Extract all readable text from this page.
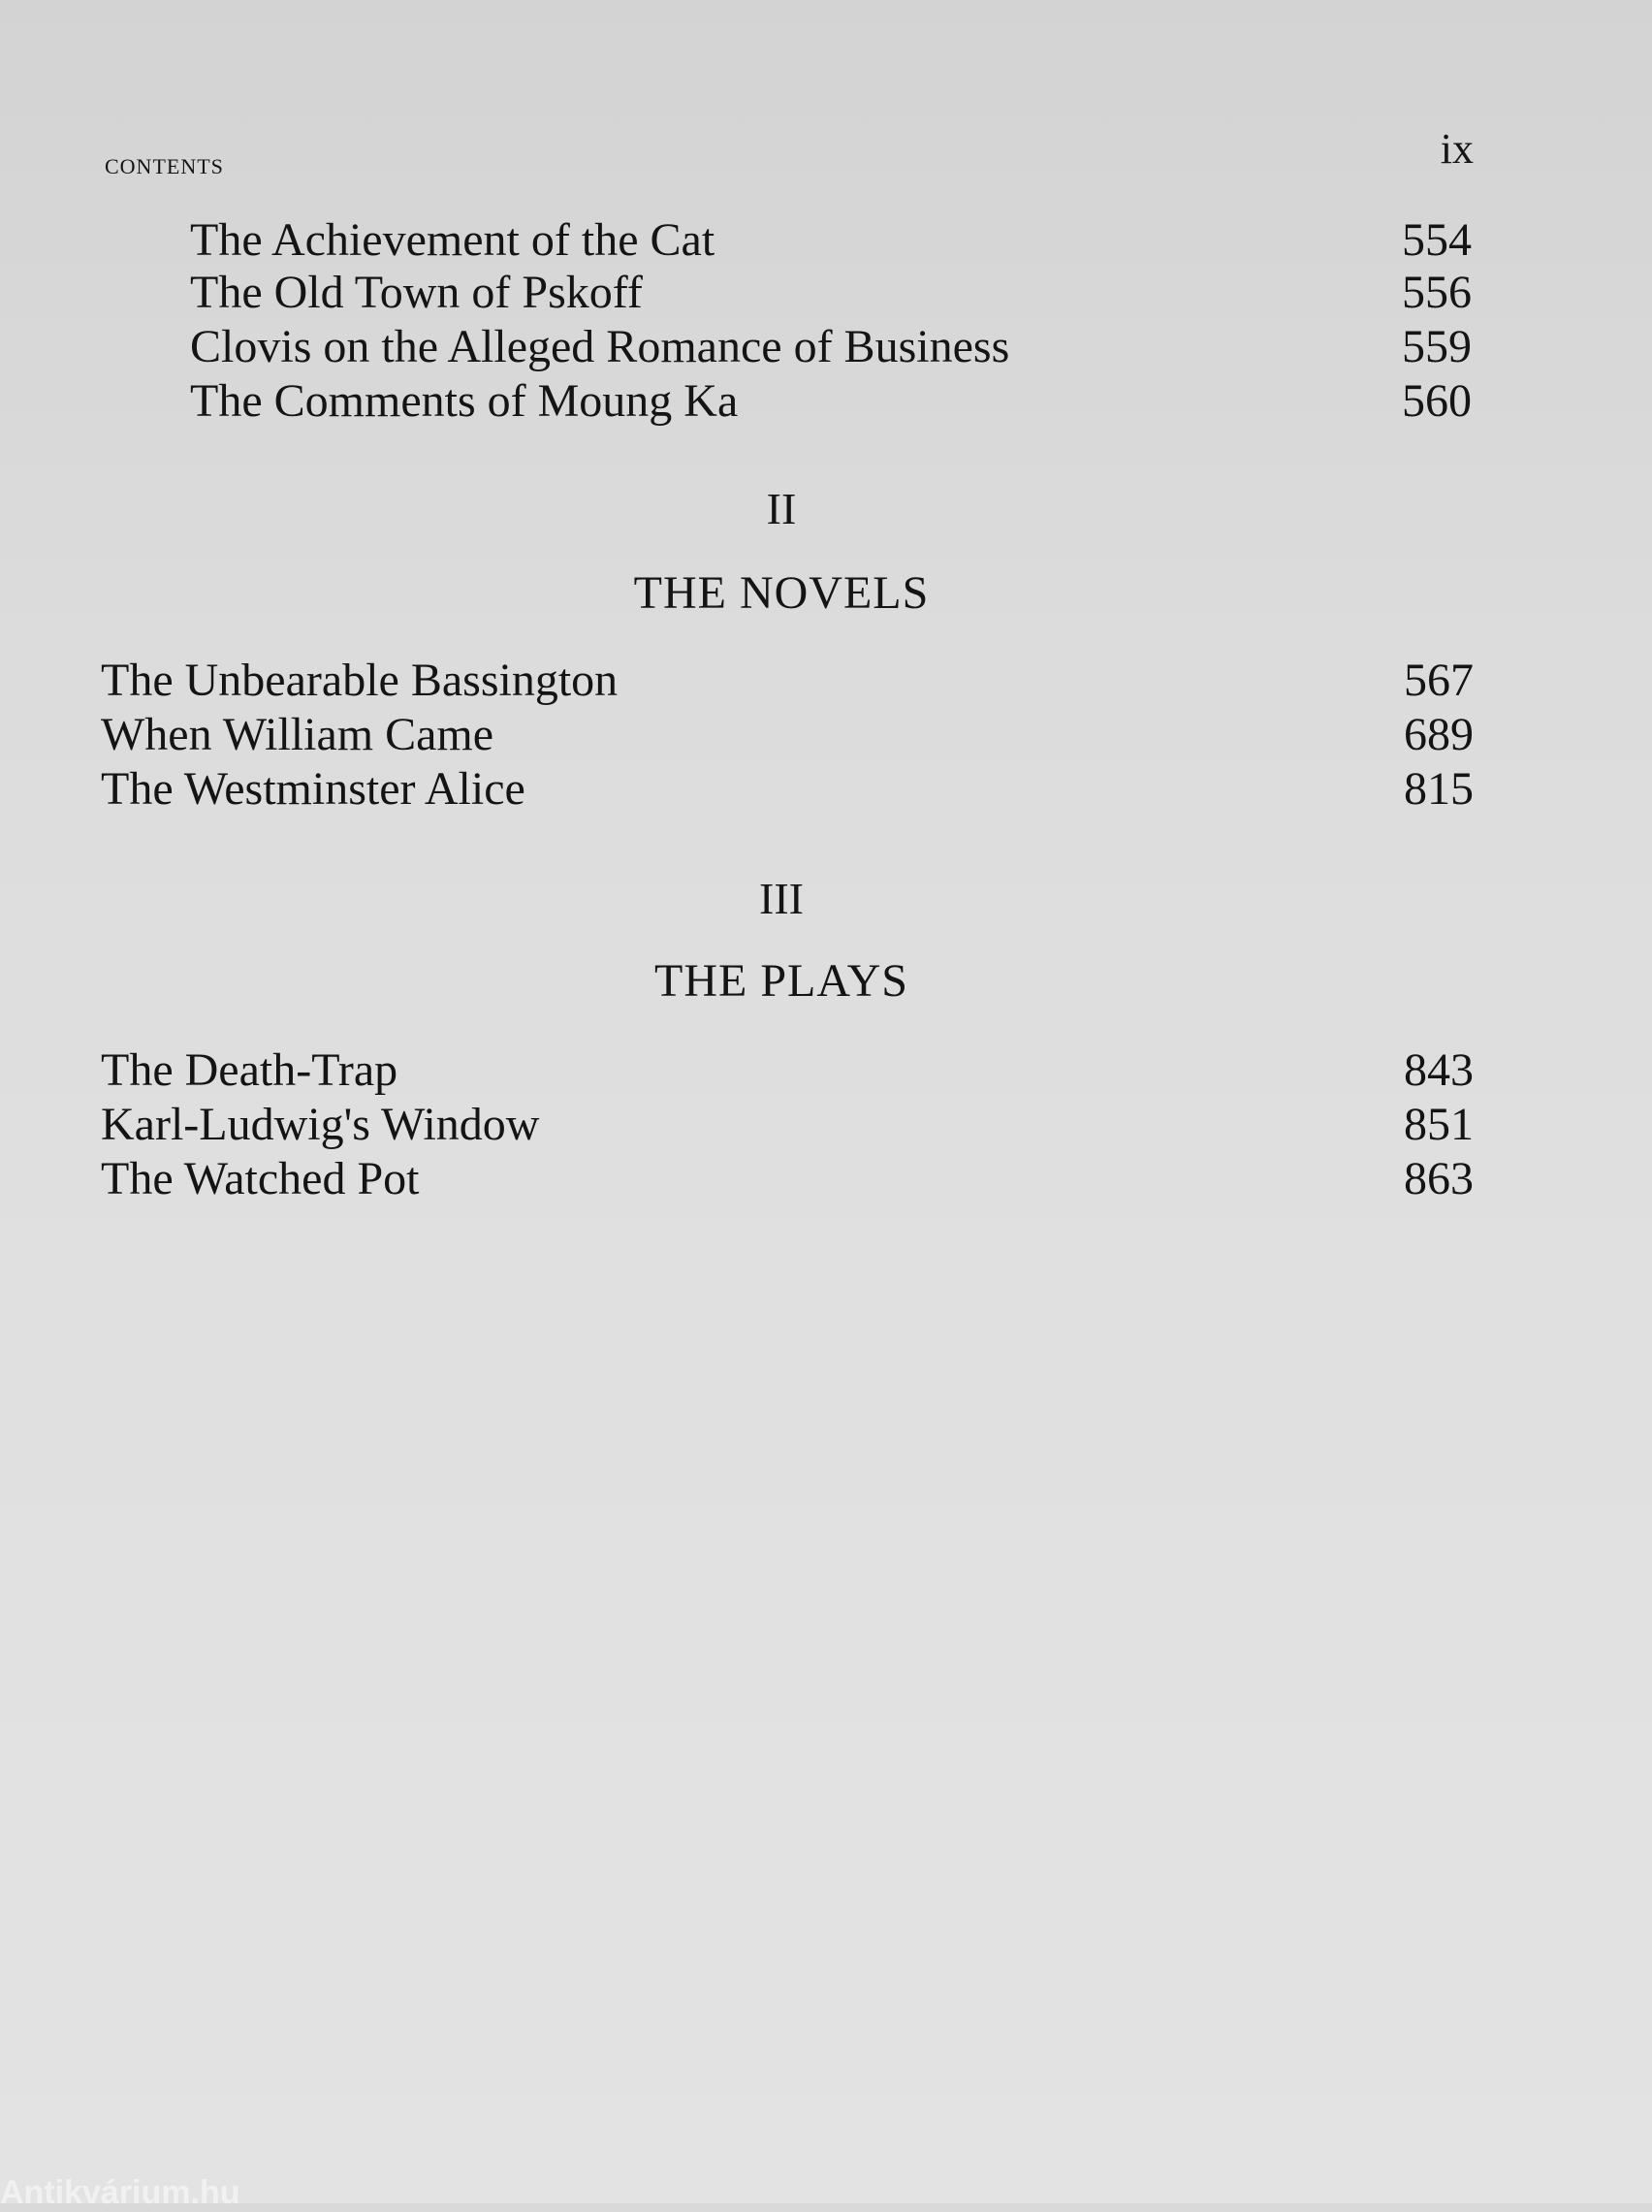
contents	ix
The Achievement of the Cat	554
The Old Town of Pskoff	556
Clovis on the Alleged Romance of Business	559
The Comments of Moung Ka	560
II
THE NOVELS
The Unbearable Bassington	567
When William Came	689
The Westminster Alice	815
III
THE PLAYS
The Death-Trap	843
Karl-Ludwig's Window	851
The Watched Pot	863
Antikvárium.hu
